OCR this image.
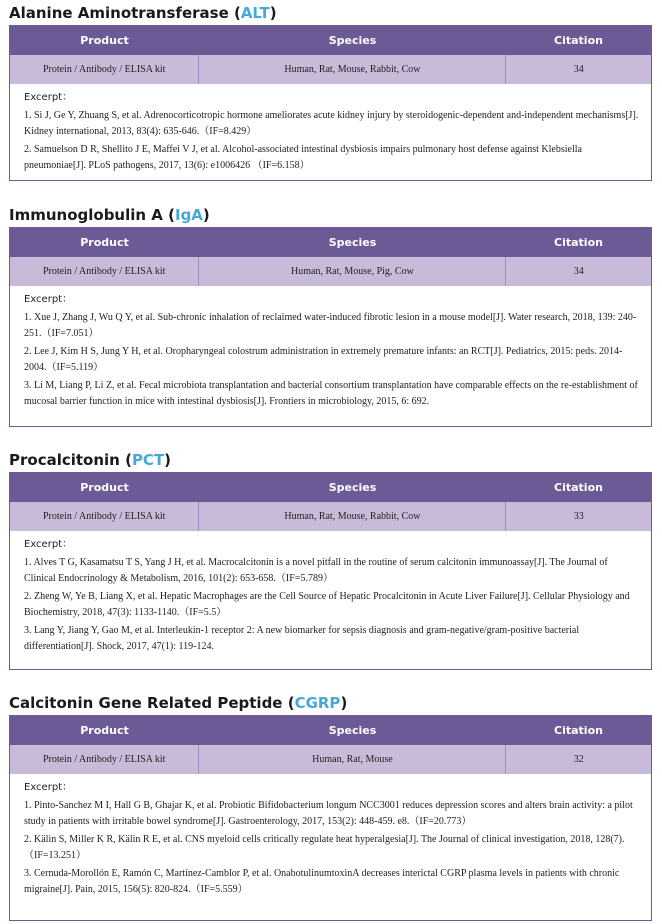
Alanine Aminotransferase (ALT)
Product	Species	Citation
Protein / Antibody / ELISA kit	Human, Rat, Mouse, Rabbit, Cow	34
Excerpt：
1. Si J, Ge Y, Zhuang S, et al. Adrenocorticotropic hormone ameliorates acute kidney injury by steroidogenic-dependent and-independent mechanisms[J]. Kidney international, 2013, 83(4): 635-646.（IF=8.429）
2. Samuelson D R, Shellito J E, Maffei V J, et al. Alcohol-associated intestinal dysbiosis impairs pulmonary host defense against Klebsiella pneumoniae[J]. PLoS pathogens, 2017, 13(6): e1006426 （IF=6.158）
Immunoglobulin A (IgA)
Product	Species	Citation
Protein / Antibody / ELISA kit	Human, Rat, Mouse, Pig, Cow	34
Excerpt：
1. Xue J, Zhang J, Wu Q Y, et al. Sub-chronic inhalation of reclaimed water-induced fibrotic lesion in a mouse model[J]. Water research, 2018, 139: 240-251.（IF=7.051）
2. Lee J, Kim H S, Jung Y H, et al. Oropharyngeal colostrum administration in extremely premature infants: an RCT[J]. Pediatrics, 2015: peds. 2014-2004.（IF=5.119）
3. Li M, Liang P, Li Z, et al. Fecal microbiota transplantation and bacterial consortium transplantation have comparable effects on the re-establishment of mucosal barrier function in mice with intestinal dysbiosis[J]. Frontiers in microbiology, 2015, 6: 692.
Procalcitonin (PCT)
Product	Species	Citation
Protein / Antibody / ELISA kit	Human, Rat, Mouse, Rabbit, Cow	33
Excerpt：
1. Alves T G, Kasamatsu T S, Yang J H, et al. Macrocalcitonin is a novel pitfall in the routine of serum calcitonin immunoassay[J]. The Journal of Clinical Endocrinology & Metabolism, 2016, 101(2): 653-658.（IF=5.789）
2. Zheng W, Ye B, Liang X, et al. Hepatic Macrophages are the Cell Source of Hepatic Procalcitonin in Acute Liver Failure[J]. Cellular Physiology and Biochemistry, 2018, 47(3): 1133-1140.（IF=5.5）
3. Lang Y, Jiang Y, Gao M, et al. Interleukin-1 receptor 2: A new biomarker for sepsis diagnosis and gram-negative/gram-positive bacterial differentiation[J]. Shock, 2017, 47(1): 119-124.
Calcitonin Gene Related Peptide (CGRP)
Product	Species	Citation
Protein / Antibody / ELISA kit	Human, Rat, Mouse	32
Excerpt：
1. Pinto-Sanchez M I, Hall G B, Ghajar K, et al. Probiotic Bifidobacterium longum NCC3001 reduces depression scores and alters brain activity: a pilot study in patients with irritable bowel syndrome[J]. Gastroenterology, 2017, 153(2): 448-459. e8.（IF=20.773）
2. Kälin S, Miller K R, Kälin R E, et al. CNS myeloid cells critically regulate heat hyperalgesia[J]. The Journal of clinical investigation, 2018, 128(7).（IF=13.251）
3. Cernuda-Morollón E, Ramón C, Martínez-Camblor P, et al. OnabotulinumtoxinA decreases interictal CGRP plasma levels in patients with chronic migraine[J]. Pain, 2015, 156(5): 820-824.（IF=5.559）
